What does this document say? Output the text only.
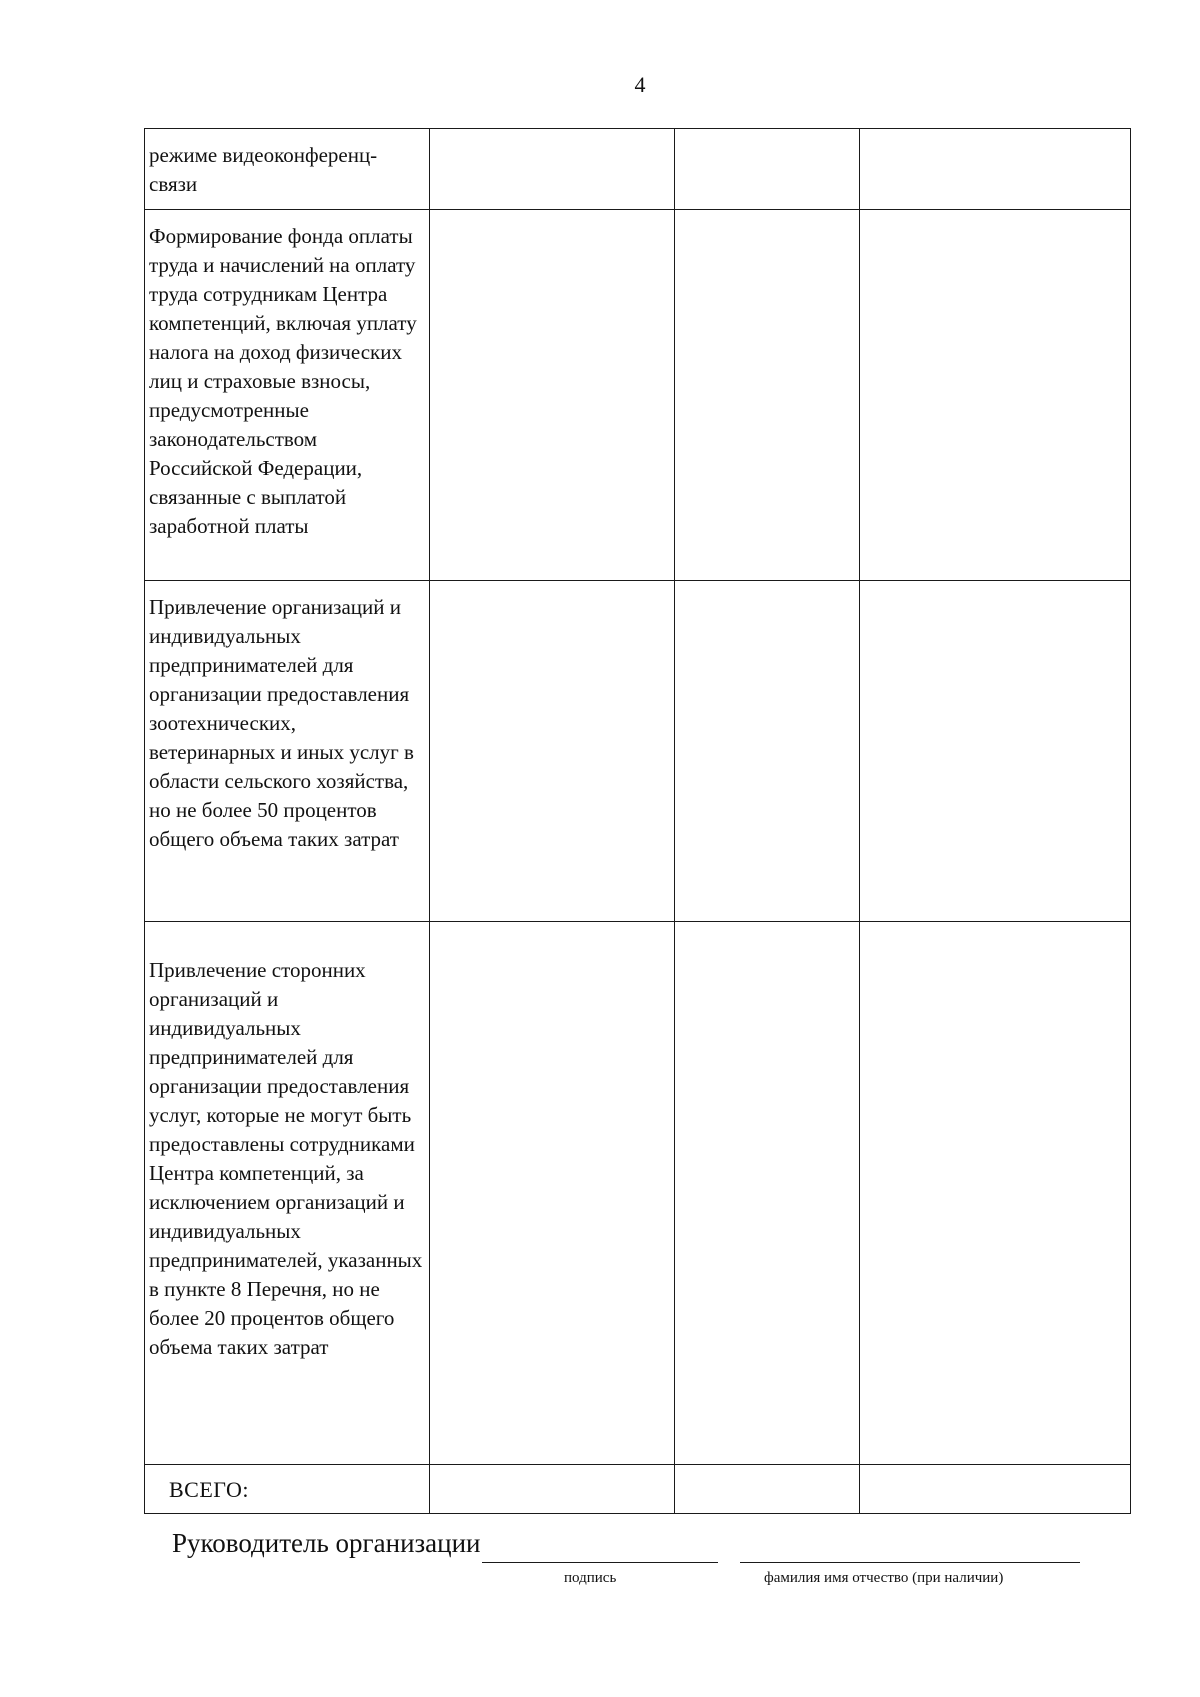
4
режиме видеоконференц-
связи			

Формирование фонда оплаты труда и начислений на оплату труда сотрудникам Центра компетенций, включая уплату налога на доход физических лиц и страховые взносы, предусмотренные законодательством Российской Федерации, связанные с выплатой заработной платы			

Привлечение организаций и индивидуальных предпринимателей для организации предоставления зоотехнических, ветеринарных и иных услуг в области сельского хозяйства, но не более 50 процентов общего объема таких затрат			

Привлечение сторонних организаций и индивидуальных предпринимателей для организации предоставления услуг, которые не могут быть предоставлены сотрудниками Центра компетенций, за исключением организаций и индивидуальных предпринимателей, указанных в пункте 8 Перечня, но не более 20 процентов общего объема таких затрат			

ВСЕГО:			
Руководитель организации
подпись	фамилия имя отчество (при наличии)
